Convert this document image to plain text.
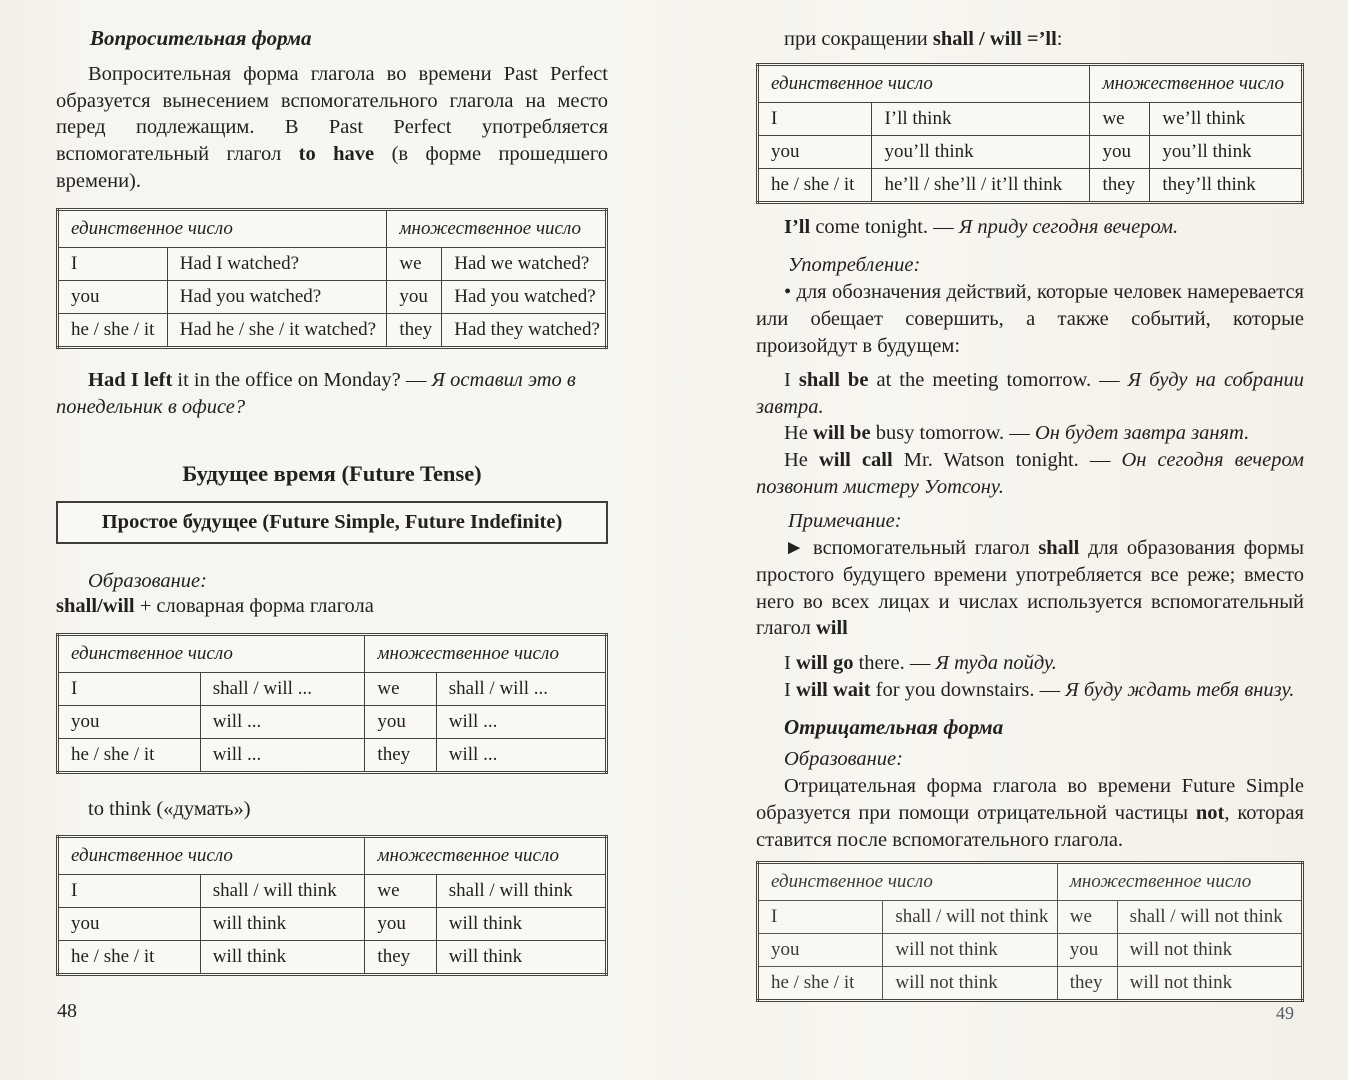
Вопросительная форма

Вопросительная форма глагола во времени Past Perfect образуется вынесением вспомогательного глагола на место перед подлежащим. В Past Perfect употребляется вспомогательный глагол to have (в форме прошедшего времени).

единственное число		множественное число	
I	Had I watched?	we	Had we watched?
you	Had you watched?	you	Had you watched?
he / she / it	Had he / she / it watched?	they	Had they watched?

Had I left it in the office on Monday? — Я оставил это в понедельник в офисе?

Будущее время (Future Tense)
Простое будущее (Future Simple, Future Indefinite)
Образование:

shall/will + словарная форма глагола

единственное число		множественное число	
I	shall / will ...	we	shall / will ...
you	will ...	you	will ...
he / she / it	will ...	they	will ...
to think («думать»)
единственное число		множественное число	
I	shall / will think	we	shall / will think
you	will think	you	will think
he / she / it	will think	they	will think

при сокращении shall / will =’ll:

единственное число		множественное число	
I	I’ll think	we	we’ll think
you	you’ll think	you	you’ll think
he / she / it	he’ll / she’ll / it’ll think	they	they’ll think

I’ll come tonight. — Я приду сегодня вечером.

Употребление:

• для обозначения действий, которые человек намеревается или обещает совершить, а также событий, которые произойдут в будущем:

I shall be at the meeting tomorrow. — Я буду на собрании завтра.

He will be busy tomorrow. — Он будет завтра занят.

He will call Mr. Watson tonight. — Он сегодня вечером позвонит мистеру Уотсону.

Примечание:

► вспомогательный глагол shall для образования формы простого будущего времени употребляется все реже; вместо него во всех лицах и числах используется вспомогательный глагол will

I will go there. — Я туда пойду.

I will wait for you downstairs. — Я буду ждать тебя внизу.

Отрицательная форма
Образование:

Отрицательная форма глагола во времени Future Simple образуется при помощи отрицательной частицы not, которая ставится после вспомогательного глагола.

единственное число		множественное число	
I	shall / will not think	we	shall / will not think
you	will not think	you	will not think
he / she / it	will not think	they	will not think
48	49
